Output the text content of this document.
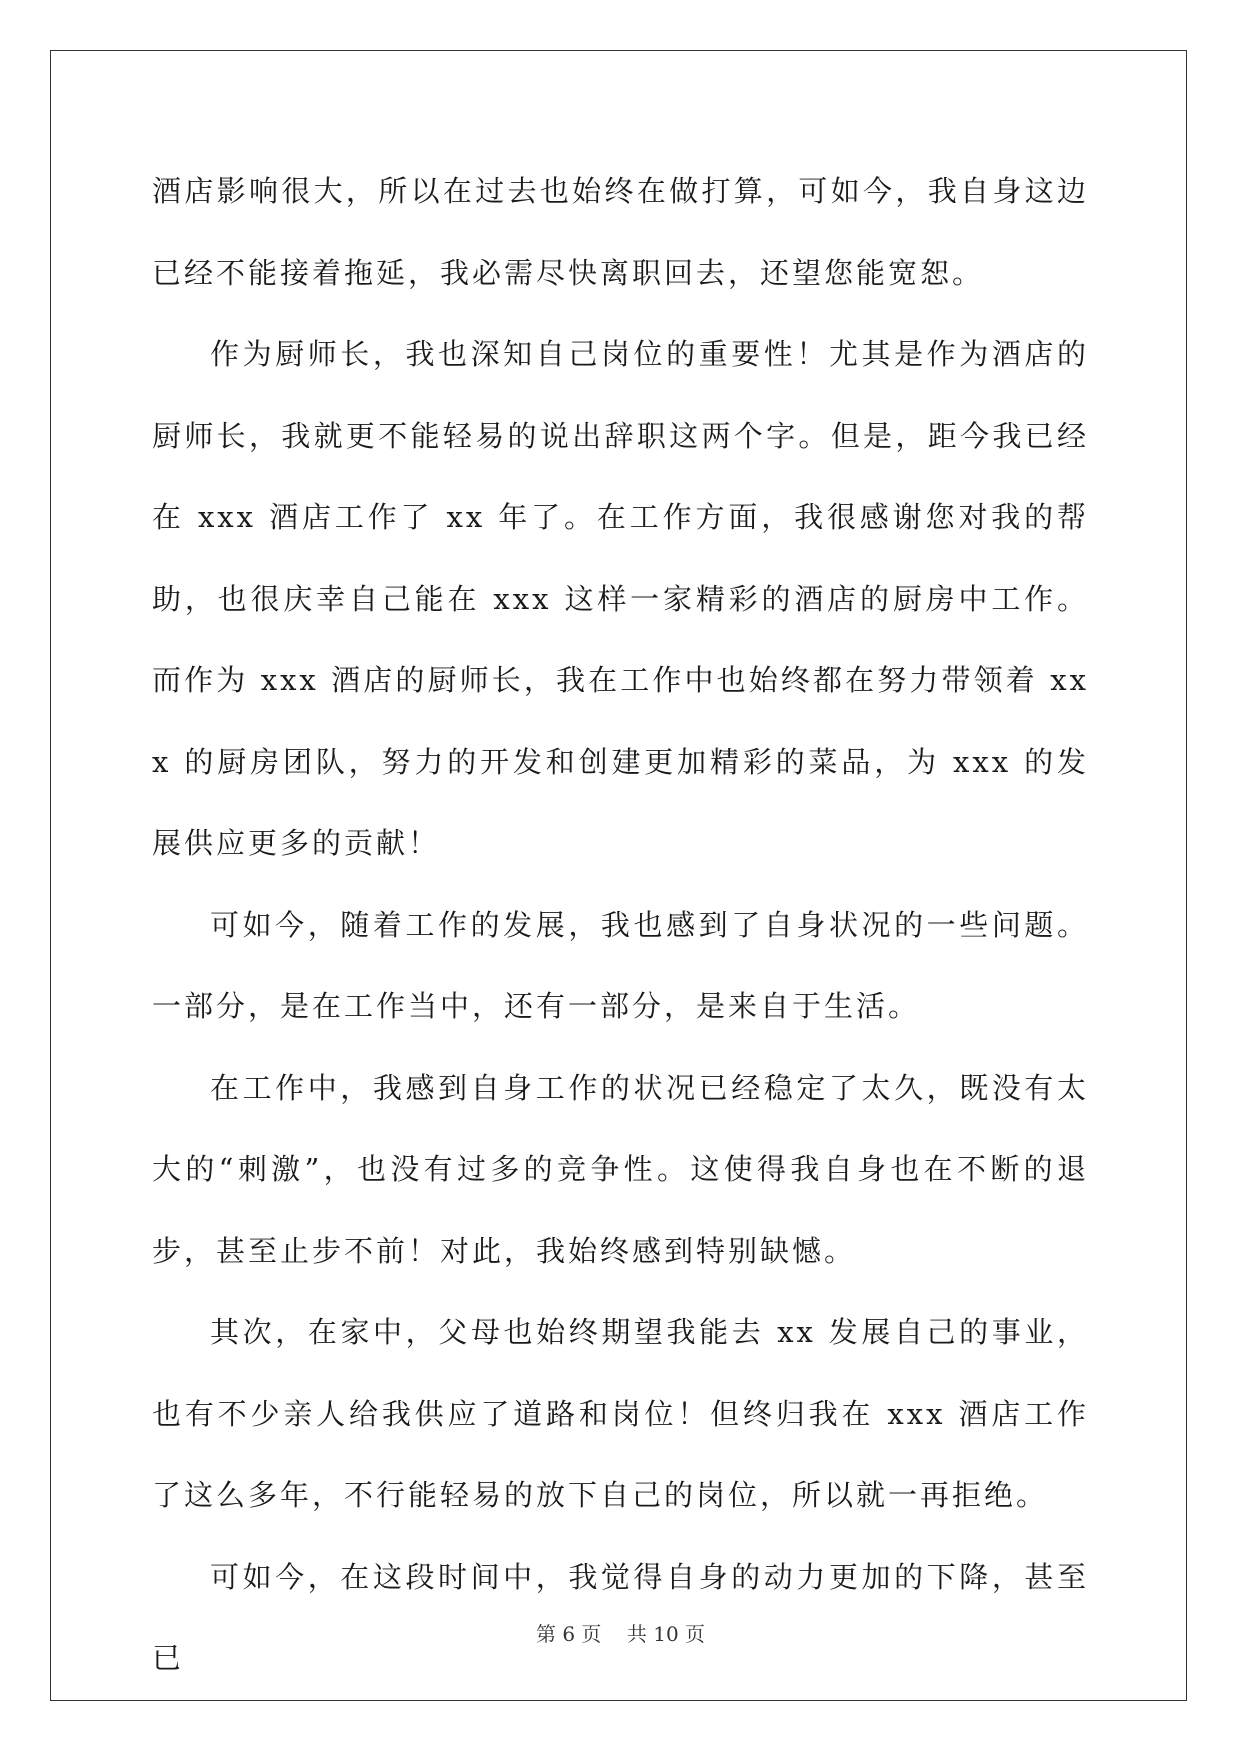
酒店影响很大，所以在过去也始终在做打算，可如今，我自身这边已经不能接着拖延，我必需尽快离职回去，还望您能宽恕。

作为厨师长，我也深知自己岗位的重要性！尤其是作为酒店的厨师长，我就更不能轻易的说出辞职这两个字。但是，距今我已经在 xxx 酒店工作了 xx 年了。在工作方面，我很感谢您对我的帮助，也很庆幸自己能在 xxx 这样一家精彩的酒店的厨房中工作。而作为 xxx 酒店的厨师长，我在工作中也始终都在努力带领着 xxx 的厨房团队，努力的开发和创建更加精彩的菜品，为 xxx 的发展供应更多的贡献！

可如今，随着工作的发展，我也感到了自身状况的一些问题。一部分，是在工作当中，还有一部分，是来自于生活。

在工作中，我感到自身工作的状况已经稳定了太久，既没有太大的“刺激”，也没有过多的竞争性。这使得我自身也在不断的退步，甚至止步不前！对此，我始终感到特别缺憾。

其次，在家中，父母也始终期望我能去 xx 发展自己的事业，也有不少亲人给我供应了道路和岗位！但终归我在 xxx 酒店工作了这么多年，不行能轻易的放下自己的岗位，所以就一再拒绝。

可如今，在这段时间中，我觉得自身的动力更加的下降，甚至已

第 6 页 共 10 页
